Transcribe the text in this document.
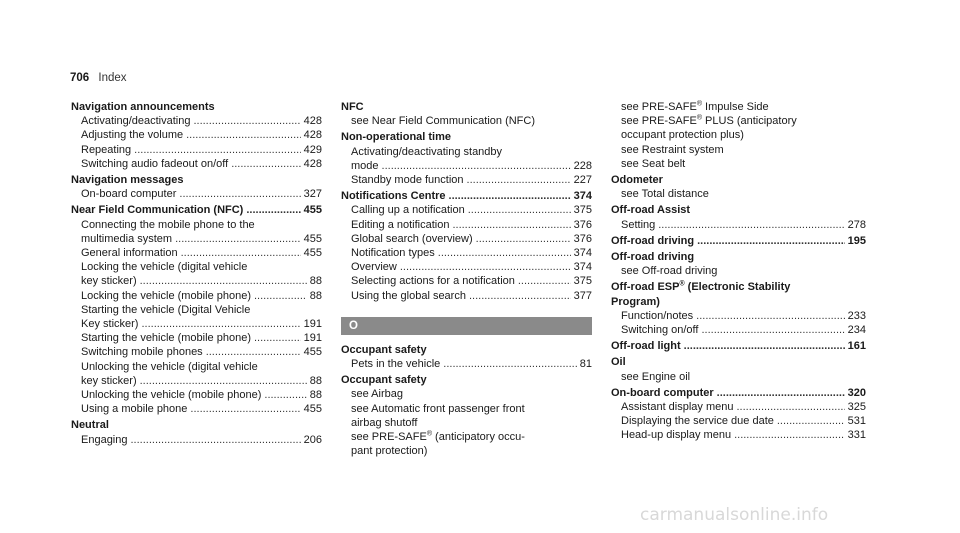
706 Index
Navigation announcements
Activating/deactivating .....	428
Adjusting the volume .....	428
Repeating .....	429
Switching audio fadeout on/off .....	428
Navigation messages
On-board computer .....	327
Near Field Communication (NFC) .....	455
Connecting the mobile phone to the
multimedia system .....	455
General information .....	455
Locking the vehicle (digital vehicle
key sticker) .....	88
Locking the vehicle (mobile phone) .....	88
Starting the vehicle (Digital Vehicle
Key sticker) .....	191
Starting the vehicle (mobile phone) .....	191
Switching mobile phones .....	455
Unlocking the vehicle (digital vehicle
key sticker) .....	88
Unlocking the vehicle (mobile phone) .....	88
Using a mobile phone .....	455
Neutral
Engaging .....	206
NFC
see Near Field Communication (NFC)
Non-operational time
Activating/deactivating standby
mode .....	228
Standby mode function .....	227
Notifications Centre .....	374
Calling up a notification .....	375
Editing a notification .....	376
Global search (overview) .....	376
Notification types .....	374
Overview .....	374
Selecting actions for a notification .....	375
Using the global search .....	377
O
Occupant safety
Pets in the vehicle .....	81
Occupant safety
see Airbag
see Automatic front passenger front
airbag shutoff
see PRE-SAFE® (anticipatory occu-
pant protection)
see PRE-SAFE® Impulse Side
see PRE-SAFE® PLUS (anticipatory
occupant protection plus)
see Restraint system
see Seat belt
Odometer
see Total distance
Off-road Assist
Setting .....	278
Off-road driving .....	195
Off-road driving
see Off-road driving
Off-road ESP® (Electronic Stability
Program)
Function/notes .....	233
Switching on/off .....	234
Off-road light .....	161
Oil
see Engine oil
On-board computer .....	320
Assistant display menu .....	325
Displaying the service due date .....	531
Head-up display menu .....	331
carmanualsonline.info
